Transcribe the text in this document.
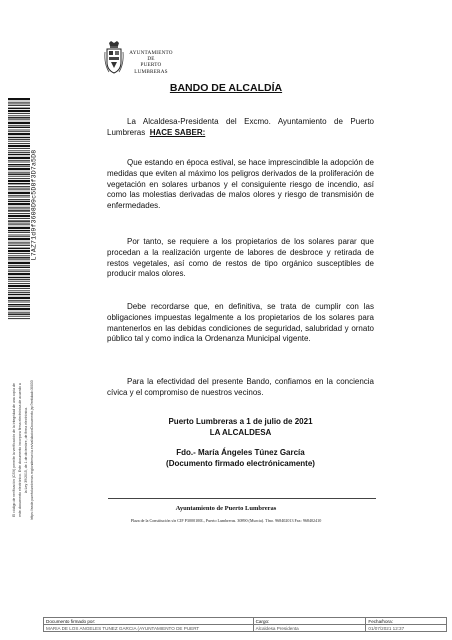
AYUNTAMIENTO
DE
PUERTO
LUMBRERAS
L7AZ71d9f3608D9c5D8f3D7a5D8
El código de verificación (CSV) permite la verificación de la integridad de una copia de este documento electrónico. Este documento incorpora firma electrónica de acuerdo a la Ley 39/2015, de 1 de diciembre, de firma electrónica. https://sede.puertolumbreras.regiondemurcia.es/validacionDocumento.jsp?entidad=30033
BANDO DE ALCALDÍA
La Alcaldesa-Presidenta del Excmo. Ayuntamiento de Puerto Lumbreras HACE SABER:
Que estando en época estival, se hace imprescindible la adopción de medidas que eviten al máximo los peligros derivados de la proliferación de vegetación en solares urbanos y el consiguiente riesgo de incendio, así como las molestias derivadas de malos olores y riesgo de transmisión de enfermedades.
Por tanto, se requiere a los propietarios de los solares parar que procedan a la realización urgente de labores de desbroce y retirada de restos vegetales, así como de restos de tipo orgánico susceptibles de producir malos olores.
Debe recordarse que, en definitiva, se trata de cumplir con las obligaciones impuestas legalmente a los propietarios de los solares para mantenerlos en las debidas condiciones de seguridad, salubridad y ornato público tal y como indica la Ordenanza Municipal vigente.
Para la efectividad del presente Bando, confiamos en la conciencia cívica y el compromiso de nuestros vecinos.
Puerto Lumbreras a 1 de julio de 2021
LA ALCALDESA
Fdo.- María Ángeles Túnez García
(Documento firmado electrónicamente)
Ayuntamiento de Puerto Lumbreras
Plaza de la Constitución s/n CIF P3000100L, Puerto Lumbreras. 30890 (Murcia). Tfno. 968402013 Fax: 968402410
Documento firmado por:	Cargo:	Fecha/hora:
MARIA DE LOS ANGELES TUNEZ GARCIA (AYUNTAMIENTO DE PUERT	Alcaldesa Presidenta	01/07/2021 12:37
